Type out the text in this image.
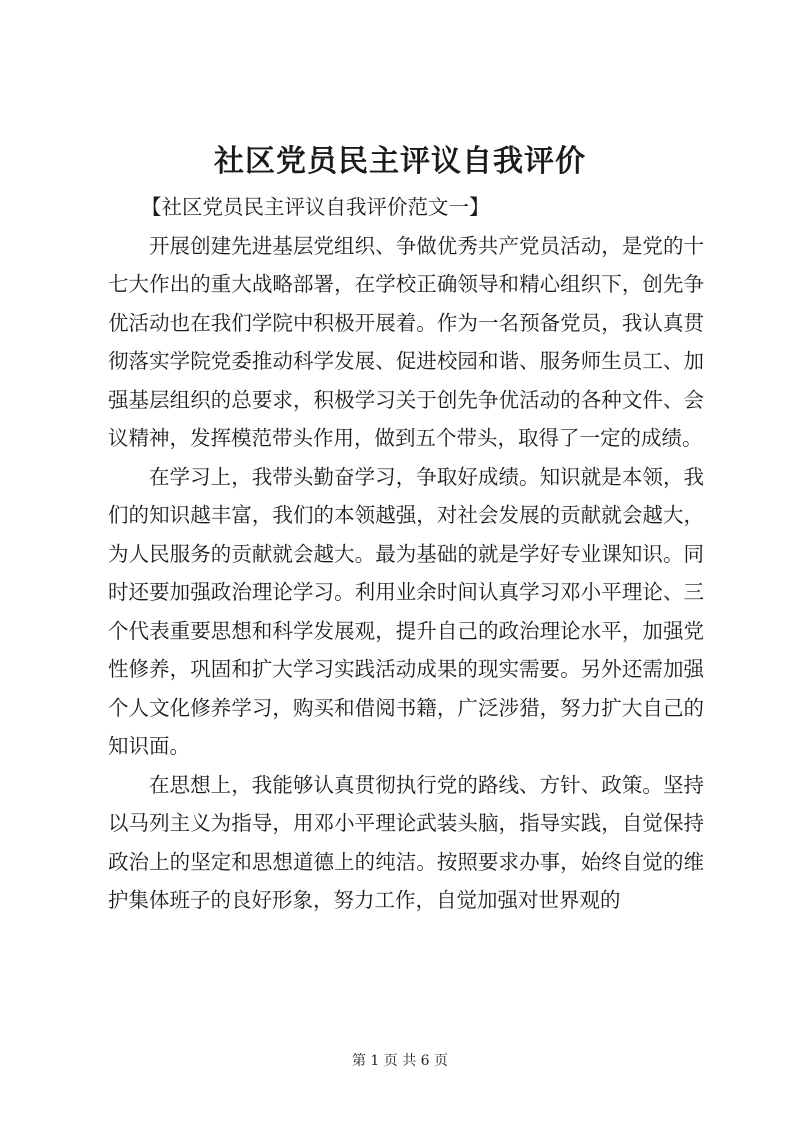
社区党员民主评议自我评价

【社区党员民主评议自我评价范文一】

开展创建先进基层党组织、争做优秀共产党员活动，是党的十七大作出的重大战略部署，在学校正确领导和精心组织下，创先争优活动也在我们学院中积极开展着。作为一名预备党员，我认真贯彻落实学院党委推动科学发展、促进校园和谐、服务师生员工、加强基层组织的总要求，积极学习关于创先争优活动的各种文件、会议精神，发挥模范带头作用，做到五个带头，取得了一定的成绩。

在学习上，我带头勤奋学习，争取好成绩。知识就是本领，我们的知识越丰富，我们的本领越强，对社会发展的贡献就会越大，为人民服务的贡献就会越大。最为基础的就是学好专业课知识。同时还要加强政治理论学习。利用业余时间认真学习邓小平理论、三个代表重要思想和科学发展观，提升自己的政治理论水平，加强党性修养，巩固和扩大学习实践活动成果的现实需要。另外还需加强个人文化修养学习，购买和借阅书籍，广泛涉猎，努力扩大自己的知识面。

在思想上，我能够认真贯彻执行党的路线、方针、政策。坚持以马列主义为指导，用邓小平理论武装头脑，指导实践，自觉保持政治上的坚定和思想道德上的纯洁。按照要求办事，始终自觉的维护集体班子的良好形象，努力工作，自觉加强对世界观的

第 1 页 共 6 页
